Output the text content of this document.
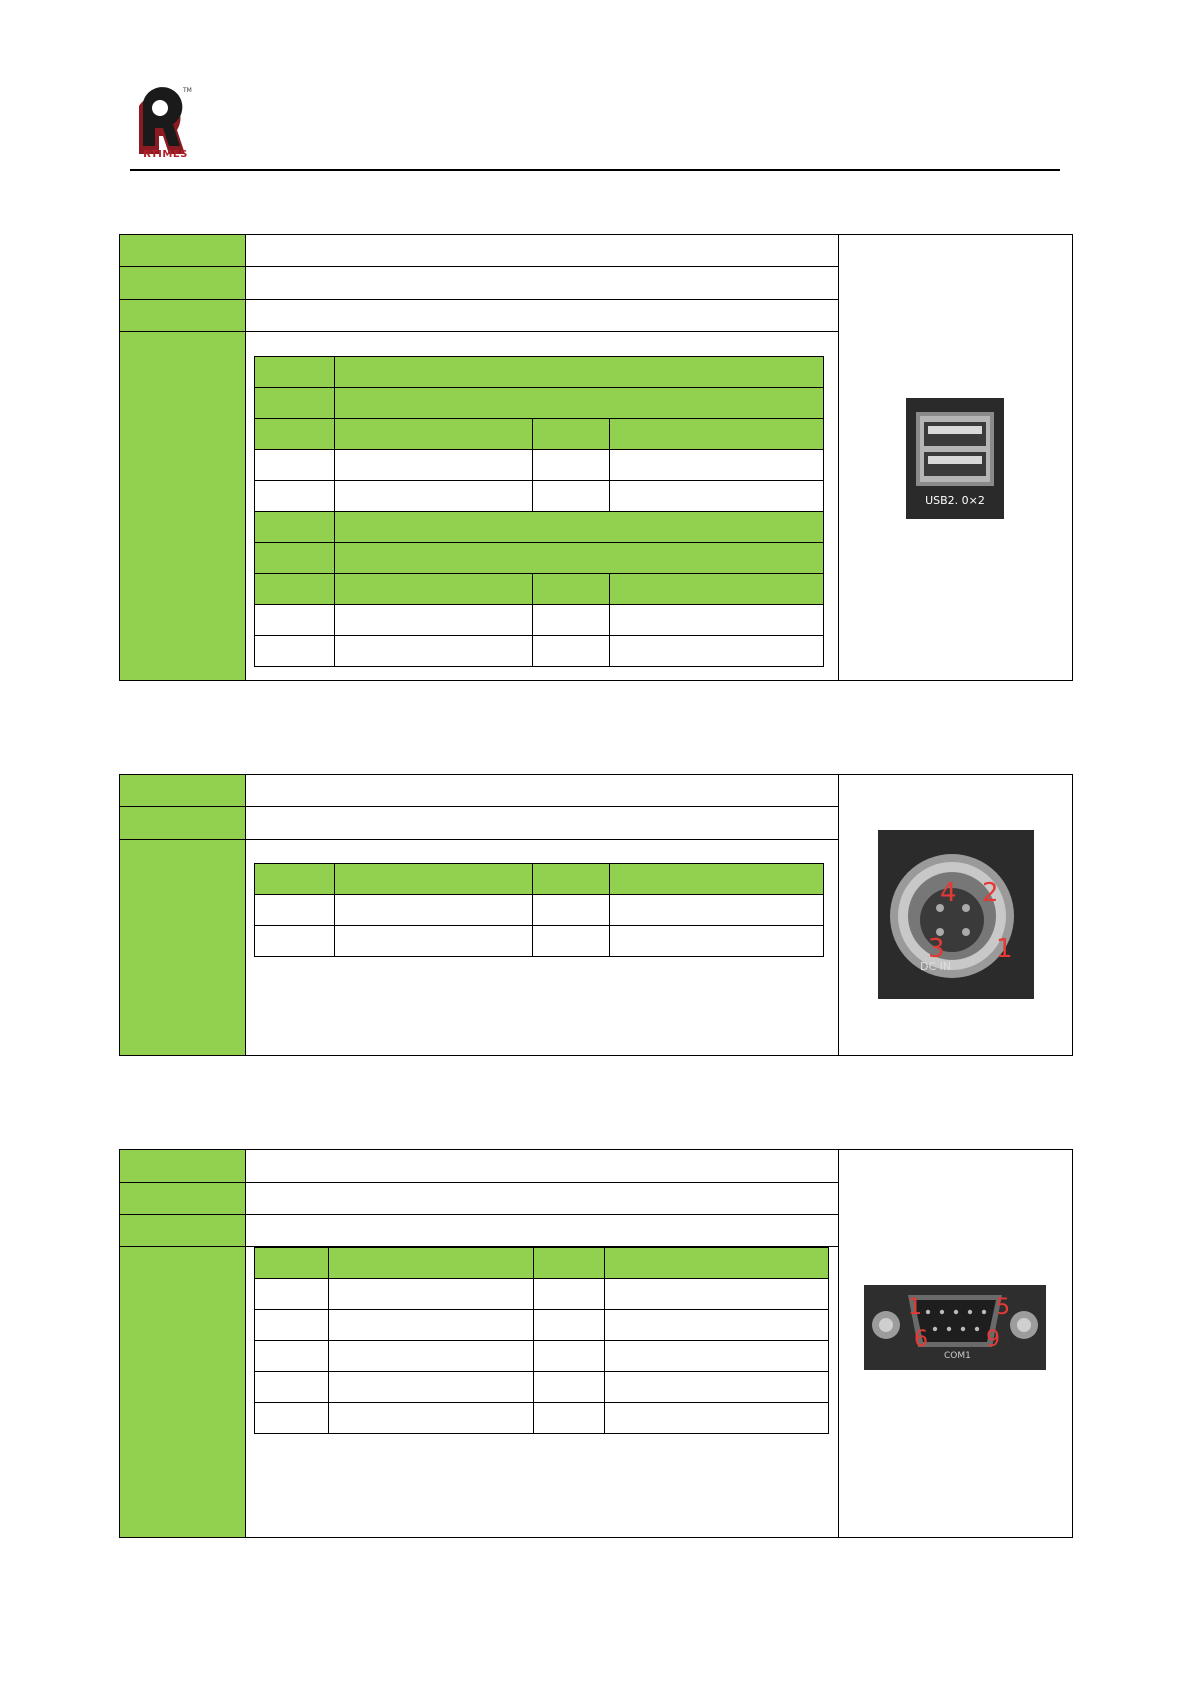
TM
RTIMES

USB2. 0×2

4 2
3 1
DC IN

1	5
6	9
COM1
